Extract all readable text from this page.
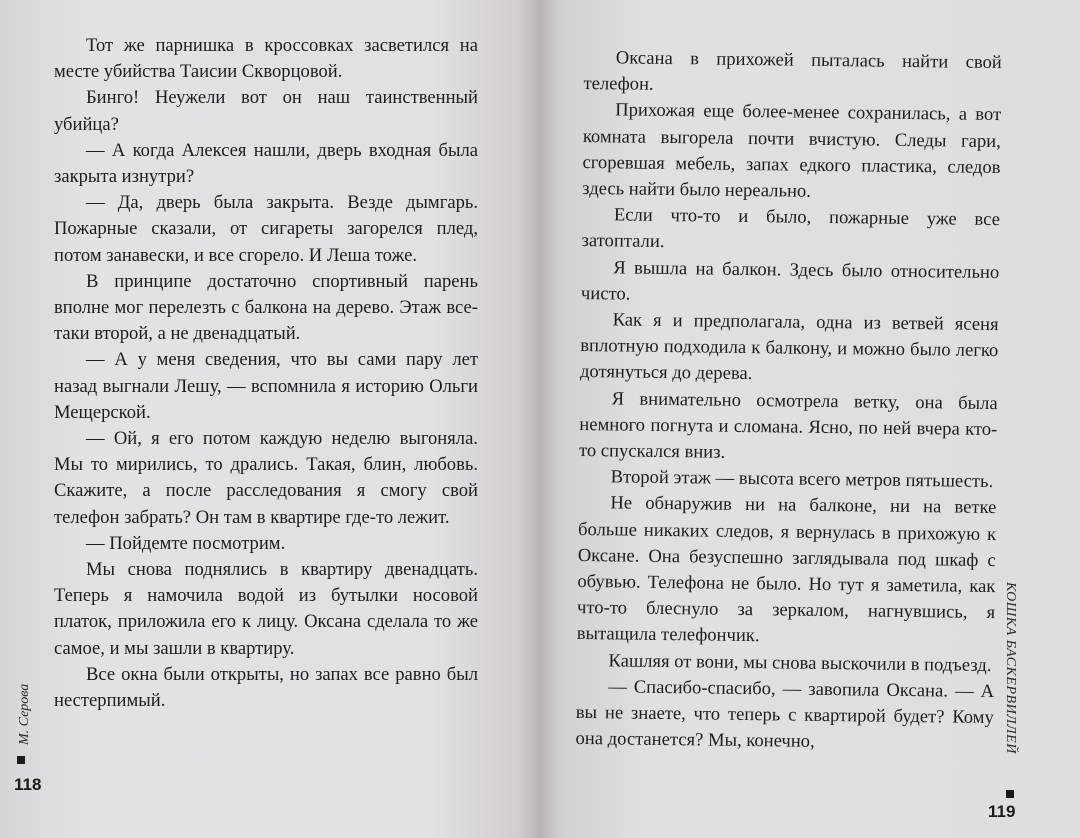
Тот же парнишка в кроссовках засветился на месте убийства Таисии Скворцовой.

Бинго! Неужели вот он наш таинственный убийца?

— А когда Алексея нашли, дверь входная была закрыта изнутри?

— Да, дверь была закрыта. Везде дымгарь. Пожарные сказали, от сигареты загорелся плед, потом занавески, и все сгорело. И Леша тоже.

В принципе достаточно спортивный парень вполне мог перелезть с балкона на дерево. Этаж все-таки второй, а не двенадцатый.

— А у меня сведения, что вы сами пару лет назад выгнали Лешу, — вспомнила я историю Ольги Мещерской.

— Ой, я его потом каждую неделю выгоняла. Мы то мирились, то дрались. Такая, блин, любовь. Скажите, а после расследования я смогу свой телефон забрать? Он там в квартире где-то лежит.

— Пойдемте посмотрим.

Мы снова поднялись в квартиру двенадцать. Теперь я намочила водой из бутылки носовой платок, приложила его к лицу. Оксана сделала то же самое, и мы зашли в квартиру.

Все окна были открыты, но запах все равно был нестерпимый.

М. Серова
118

Оксана в прихожей пыталась найти свой телефон.

Прихожая еще более-менее сохранилась, а вот комната выгорела почти вчистую. Следы гари, сгоревшая мебель, запах едкого пластика, следов здесь найти было нереально.

Если что-то и было, пожарные уже все затоптали.

Я вышла на балкон. Здесь было относительно чисто.

Как я и предполагала, одна из ветвей ясеня вплотную подходила к балкону, и можно было легко дотянуться до дерева.

Я внимательно осмотрела ветку, она была немного погнута и сломана. Ясно, по ней вчера кто-то спускался вниз.

Второй этаж — высота всего метров пятьшесть.

Не обнаружив ни на балконе, ни на ветке больше никаких следов, я вернулась в прихожую к Оксане. Она безуспешно заглядывала под шкаф с обувью. Телефона не было. Но тут я заметила, как что-то блеснуло за зеркалом, нагнувшись, я вытащила телефончик.

Кашляя от вони, мы снова выскочили в подъезд.

— Спасибо-спасибо, — завопила Оксана. — А вы не знаете, что теперь с квартирой будет? Кому она достанется? Мы, конечно,	КОШКА БАСКЕРВИЛЛЕЙ
119
